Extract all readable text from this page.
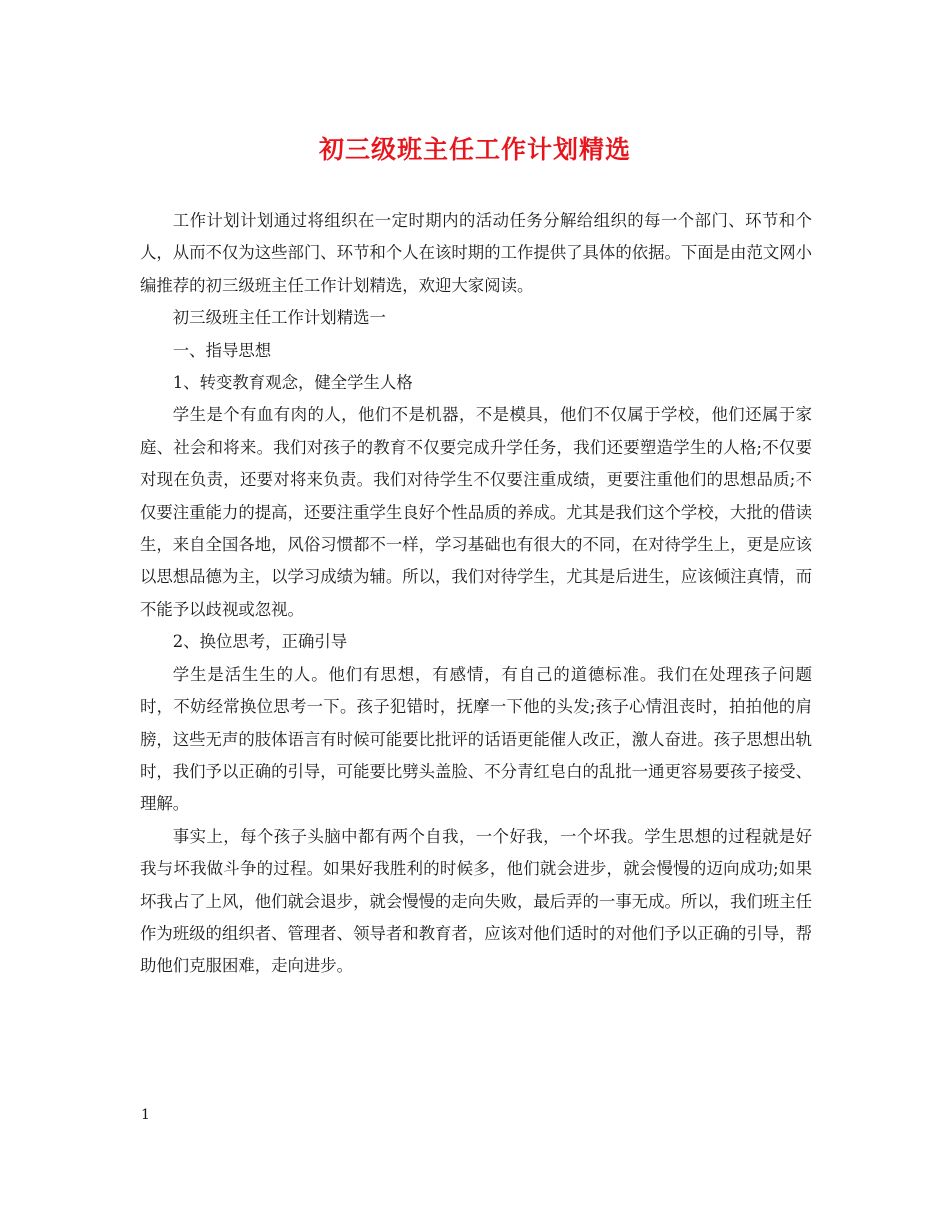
初三级班主任工作计划精选

工作计划计划通过将组织在一定时期内的活动任务分解给组织的每一个部门、环节和个人，从而不仅为这些部门、环节和个人在该时期的工作提供了具体的依据。下面是由范文网小编推荐的初三级班主任工作计划精选，欢迎大家阅读。

初三级班主任工作计划精选一

一、指导思想

1、转变教育观念，健全学生人格

学生是个有血有肉的人，他们不是机器，不是模具，他们不仅属于学校，他们还属于家庭、社会和将来。我们对孩子的教育不仅要完成升学任务，我们还要塑造学生的人格;不仅要对现在负责，还要对将来负责。我们对待学生不仅要注重成绩，更要注重他们的思想品质;不仅要注重能力的提高，还要注重学生良好个性品质的养成。尤其是我们这个学校，大批的借读生，来自全国各地，风俗习惯都不一样，学习基础也有很大的不同，在对待学生上，更是应该以思想品德为主，以学习成绩为辅。所以，我们对待学生，尤其是后进生，应该倾注真情，而不能予以歧视或忽视。

2、换位思考，正确引导

学生是活生生的人。他们有思想，有感情，有自己的道德标准。我们在处理孩子问题时，不妨经常换位思考一下。孩子犯错时，抚摩一下他的头发;孩子心情沮丧时，拍拍他的肩膀，这些无声的肢体语言有时候可能要比批评的话语更能催人改正，激人奋进。孩子思想出轨时，我们予以正确的引导，可能要比劈头盖脸、不分青红皂白的乱批一通更容易要孩子接受、理解。

事实上，每个孩子头脑中都有两个自我，一个好我，一个坏我。学生思想的过程就是好我与坏我做斗争的过程。如果好我胜利的时候多，他们就会进步，就会慢慢的迈向成功;如果坏我占了上风，他们就会退步，就会慢慢的走向失败，最后弄的一事无成。所以，我们班主任作为班级的组织者、管理者、领导者和教育者，应该对他们适时的对他们予以正确的引导，帮助他们克服困难，走向进步。

1
